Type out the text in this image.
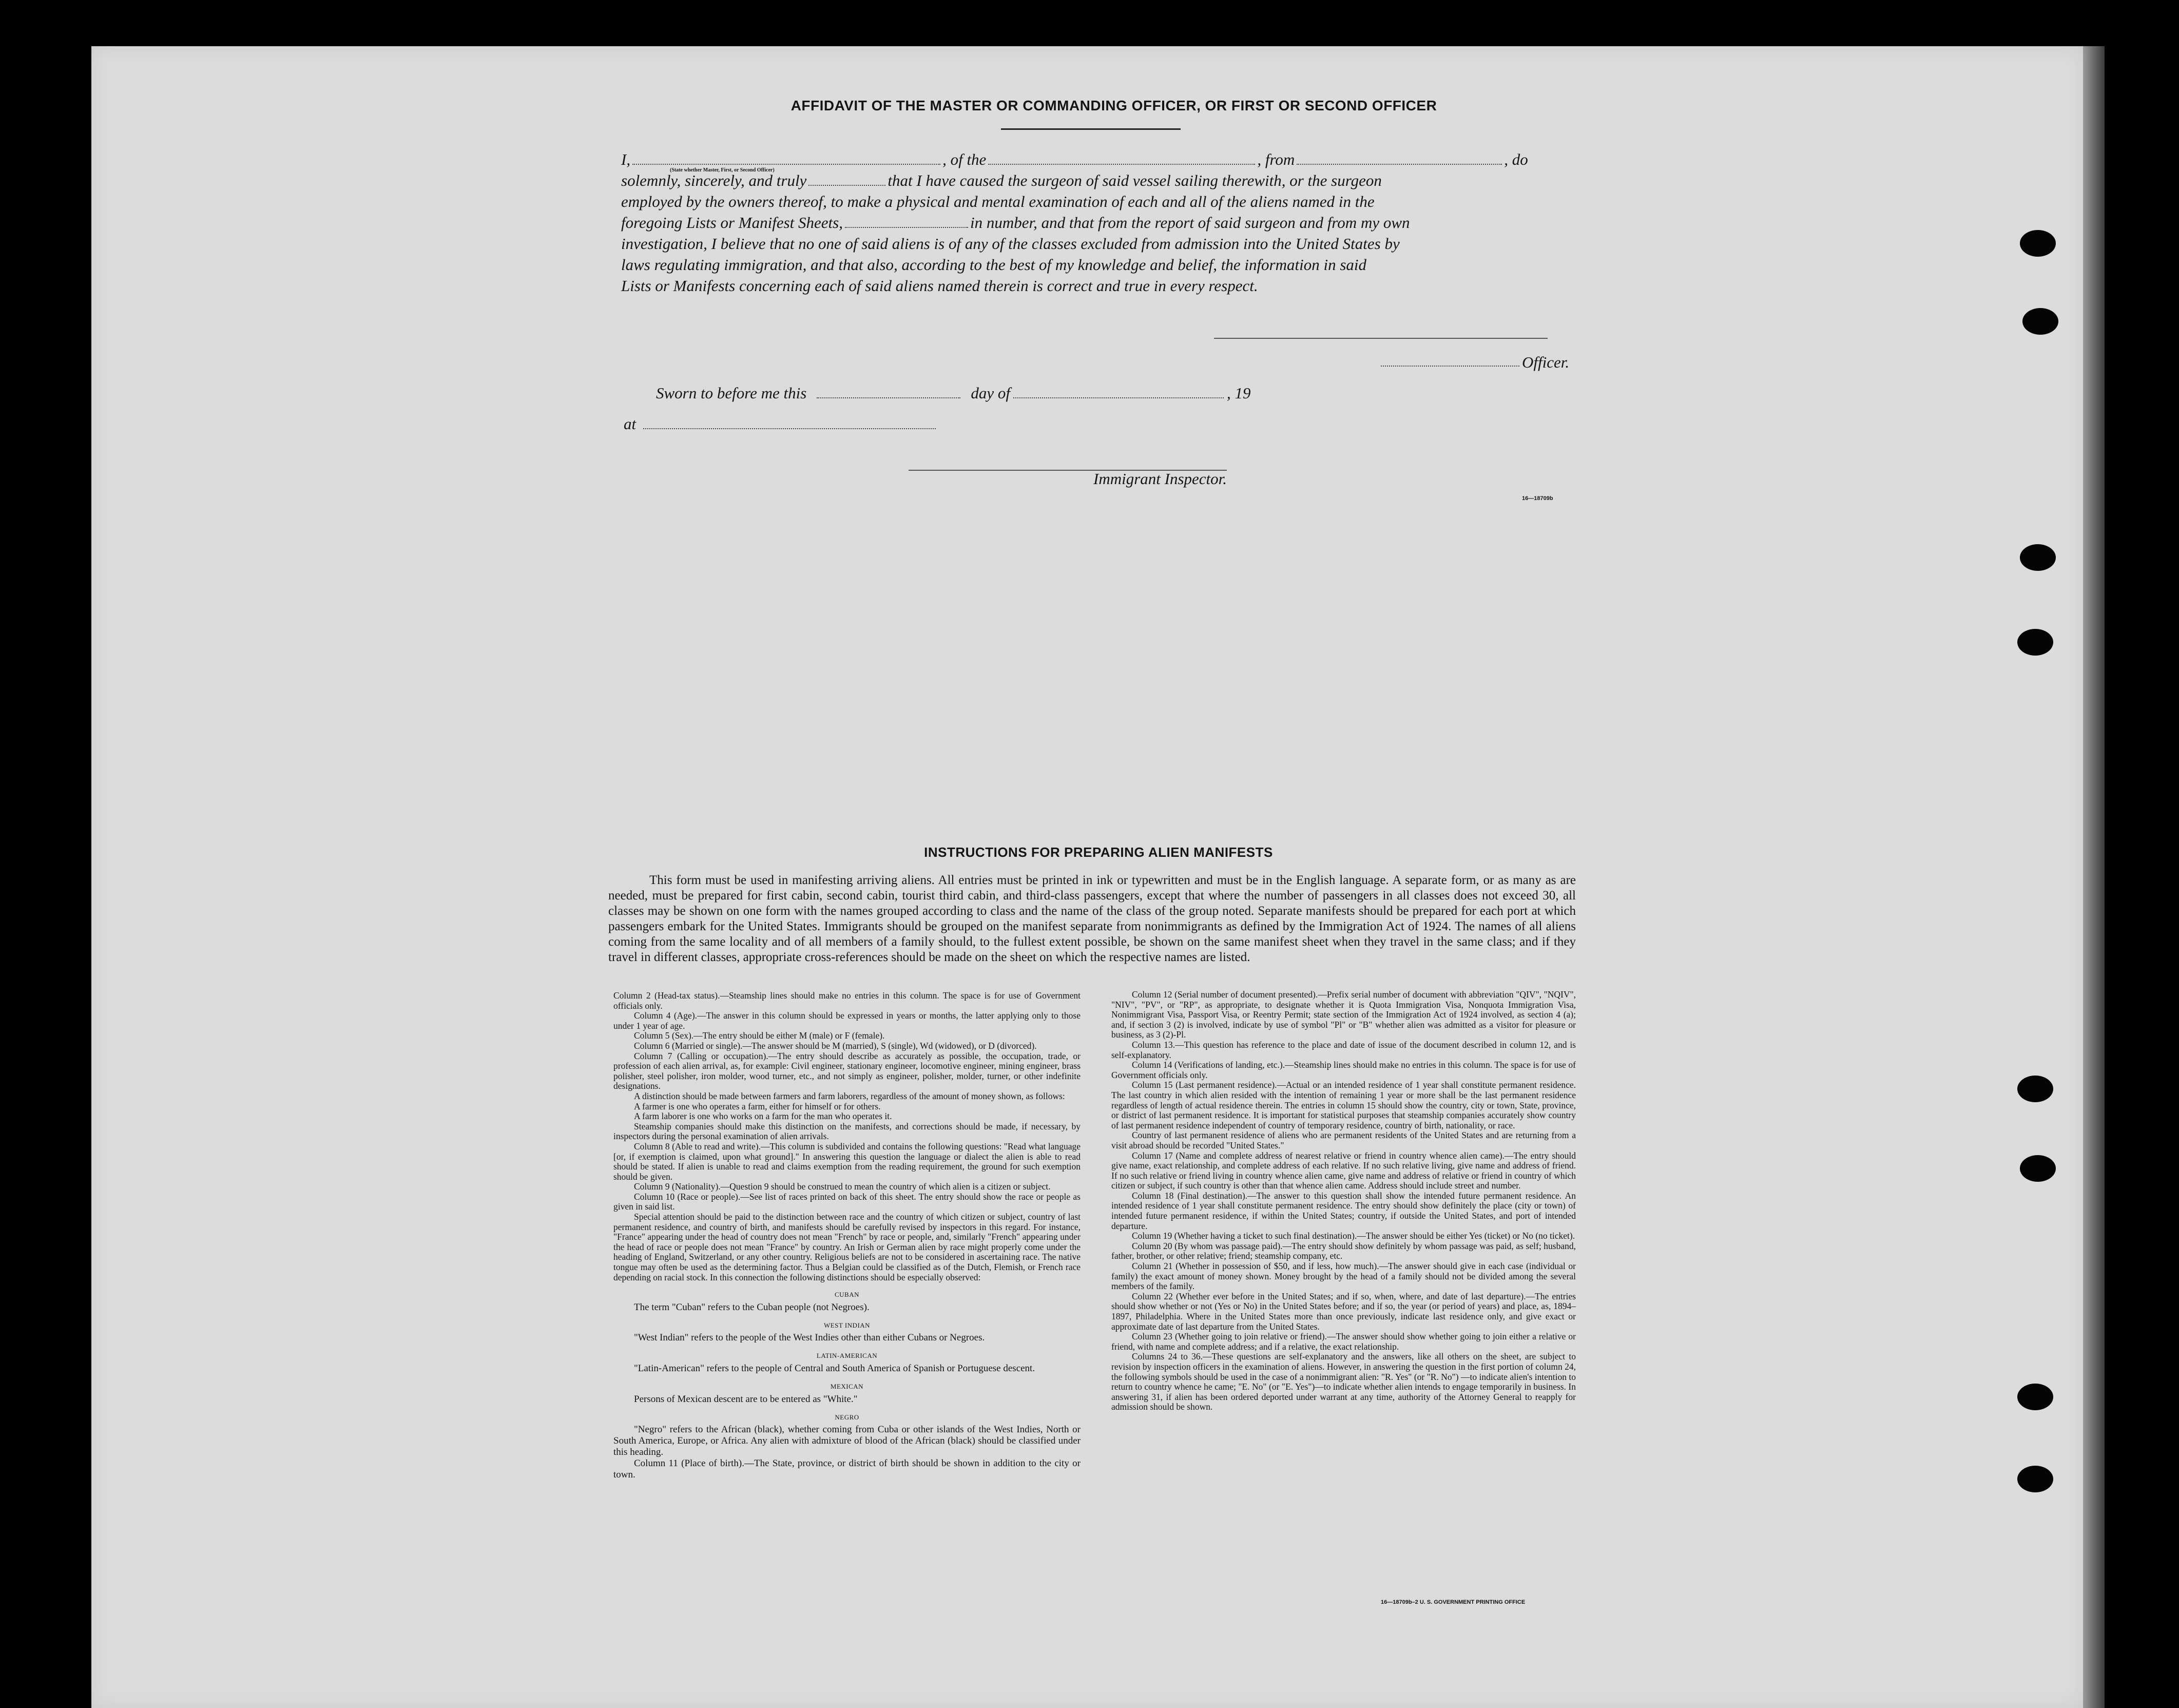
AFFIDAVIT OF THE MASTER OR COMMANDING OFFICER, OR FIRST OR SECOND OFFICER
I,	, of the	, from	, do
solemnly, sincerely, and truly	that I have caused the surgeon of said vessel sailing therewith, or the surgeon
employed by the owners thereof, to make a physical and mental examination of each and all of the aliens named in the
foregoing Lists or Manifest Sheets,	in number, and that from the report of said surgeon and from my own
investigation, I believe that no one of said aliens is of any of the classes excluded from admission into the United States by
laws regulating immigration, and that also, according to the best of my knowledge and belief, the information in said
Lists or Manifests concerning each of said aliens named therein is correct and true in every respect.
(State whether Master, First, or Second Officer)
Officer.
Sworn to before me this	day of	, 19
at
Immigrant Inspector.
16—18709b
INSTRUCTIONS FOR PREPARING ALIEN MANIFESTS
This form must be used in manifesting arriving aliens. All entries must be printed in ink or typewritten and must be in the English language. A separate form, or as many as are needed, must be prepared for first cabin, second cabin, tourist third cabin, and third-class passengers, except that where the number of passengers in all classes does not exceed 30, all classes may be shown on one form with the names grouped according to class and the name of the class of the group noted. Separate manifests should be prepared for each port at which passengers embark for the United States. Immigrants should be grouped on the manifest separate from nonimmigrants as defined by the Immigration Act of 1924. The names of all aliens coming from the same locality and of all members of a family should, to the fullest extent possible, be shown on the same manifest sheet when they travel in the same class; and if they travel in different classes, appropriate cross-references should be made on the sheet on which the respective names are listed.

Column 2 (Head-tax status).—Steamship lines should make no entries in this column. The space is for use of Government officials only.

Column 4 (Age).—The answer in this column should be expressed in years or months, the latter applying only to those under 1 year of age.

Column 5 (Sex).—The entry should be either M (male) or F (female).

Column 6 (Married or single).—The answer should be M (married), S (single), Wd (widowed), or D (divorced).

Column 7 (Calling or occupation).—The entry should describe as accurately as possible, the occupation, trade, or profession of each alien arrival, as, for example: Civil engineer, stationary engineer, locomotive engineer, mining engineer, brass polisher, steel polisher, iron molder, wood turner, etc., and not simply as engineer, polisher, molder, turner, or other indefinite designations.

A distinction should be made between farmers and farm laborers, regardless of the amount of money shown, as follows:

A farmer is one who operates a farm, either for himself or for others.

A farm laborer is one who works on a farm for the man who operates it.

Steamship companies should make this distinction on the manifests, and corrections should be made, if necessary, by inspectors during the personal examination of alien arrivals.

Column 8 (Able to read and write).—This column is subdivided and contains the following questions: "Read what language [or, if exemption is claimed, upon what ground]." In answering this question the language or dialect the alien is able to read should be stated. If alien is unable to read and claims exemption from the reading requirement, the ground for such exemption should be given.

Column 9 (Nationality).—Question 9 should be construed to mean the country of which alien is a citizen or subject.

Column 10 (Race or people).—See list of races printed on back of this sheet. The entry should show the race or people as given in said list.

Special attention should be paid to the distinction between race and the country of which citizen or subject, country of last permanent residence, and country of birth, and manifests should be carefully revised by inspectors in this regard. For instance, "France" appearing under the head of country does not mean "French" by race or people, and, similarly "French" appearing under the head of race or people does not mean "France" by country. An Irish or German alien by race might properly come under the heading of England, Switzerland, or any other country. Religious beliefs are not to be considered in ascertaining race. The native tongue may often be used as the determining factor. Thus a Belgian could be classified as of the Dutch, Flemish, or French race depending on racial stock. In this connection the following distinctions should be especially observed:

CUBAN

The term "Cuban" refers to the Cuban people (not Negroes).

WEST INDIAN

"West Indian" refers to the people of the West Indies other than either Cubans or Negroes.

LATIN-AMERICAN

"Latin-American" refers to the people of Central and South America of Spanish or Portuguese descent.

MEXICAN

Persons of Mexican descent are to be entered as "White."

NEGRO

"Negro" refers to the African (black), whether coming from Cuba or other islands of the West Indies, North or South America, Europe, or Africa. Any alien with admixture of blood of the African (black) should be classified under this heading.

Column 11 (Place of birth).—The State, province, or district of birth should be shown in addition to the city or town.

Column 12 (Serial number of document presented).—Prefix serial number of document with abbreviation "QIV", "NQIV", "NIV", "PV", or "RP", as appropriate, to designate whether it is Quota Immigration Visa, Nonquota Immigration Visa, Nonimmigrant Visa, Passport Visa, or Reentry Permit; state section of the Immigration Act of 1924 involved, as section 4 (a); and, if section 3 (2) is involved, indicate by use of symbol "Pl" or "B" whether alien was admitted as a visitor for pleasure or business, as 3 (2)-Pl.

Column 13.—This question has reference to the place and date of issue of the document described in column 12, and is self-explanatory.

Column 14 (Verifications of landing, etc.).—Steamship lines should make no entries in this column. The space is for use of Government officials only.

Column 15 (Last permanent residence).—Actual or an intended residence of 1 year shall constitute permanent residence. The last country in which alien resided with the intention of remaining 1 year or more shall be the last permanent residence regardless of length of actual residence therein. The entries in column 15 should show the country, city or town, State, province, or district of last permanent residence. It is important for statistical purposes that steamship companies accurately show country of last permanent residence independent of country of temporary residence, country of birth, nationality, or race.

Country of last permanent residence of aliens who are permanent residents of the United States and are returning from a visit abroad should be recorded "United States."

Column 17 (Name and complete address of nearest relative or friend in country whence alien came).—The entry should give name, exact relationship, and complete address of each relative. If no such relative living, give name and address of friend. If no such relative or friend living in country whence alien came, give name and address of relative or friend in country of which citizen or subject, if such country is other than that whence alien came. Address should include street and number.

Column 18 (Final destination).—The answer to this question shall show the intended future permanent residence. An intended residence of 1 year shall constitute permanent residence. The entry should show definitely the place (city or town) of intended future permanent residence, if within the United States; country, if outside the United States, and port of intended departure.

Column 19 (Whether having a ticket to such final destination).—The answer should be either Yes (ticket) or No (no ticket).

Column 20 (By whom was passage paid).—The entry should show definitely by whom passage was paid, as self; husband, father, brother, or other relative; friend; steamship company, etc.

Column 21 (Whether in possession of $50, and if less, how much).—The answer should give in each case (individual or family) the exact amount of money shown. Money brought by the head of a family should not be divided among the several members of the family.

Column 22 (Whether ever before in the United States; and if so, when, where, and date of last departure).—The entries should show whether or not (Yes or No) in the United States before; and if so, the year (or period of years) and place, as, 1894–1897, Philadelphia. Where in the United States more than once previously, indicate last residence only, and give exact or approximate date of last departure from the United States.

Column 23 (Whether going to join relative or friend).—The answer should show whether going to join either a relative or friend, with name and complete address; and if a relative, the exact relationship.

Columns 24 to 36.—These questions are self-explanatory and the answers, like all others on the sheet, are subject to revision by inspection officers in the examination of aliens. However, in answering the question in the first portion of column 24, the following symbols should be used in the case of a nonimmigrant alien: "R. Yes" (or "R. No") —to indicate alien's intention to return to country whence he came; "E. No" (or "E. Yes")—to indicate whether alien intends to engage temporarily in business. In answering 31, if alien has been ordered deported under warrant at any time, authority of the Attorney General to reapply for admission should be shown.

16—18709b–2 U. S. GOVERNMENT PRINTING OFFICE
